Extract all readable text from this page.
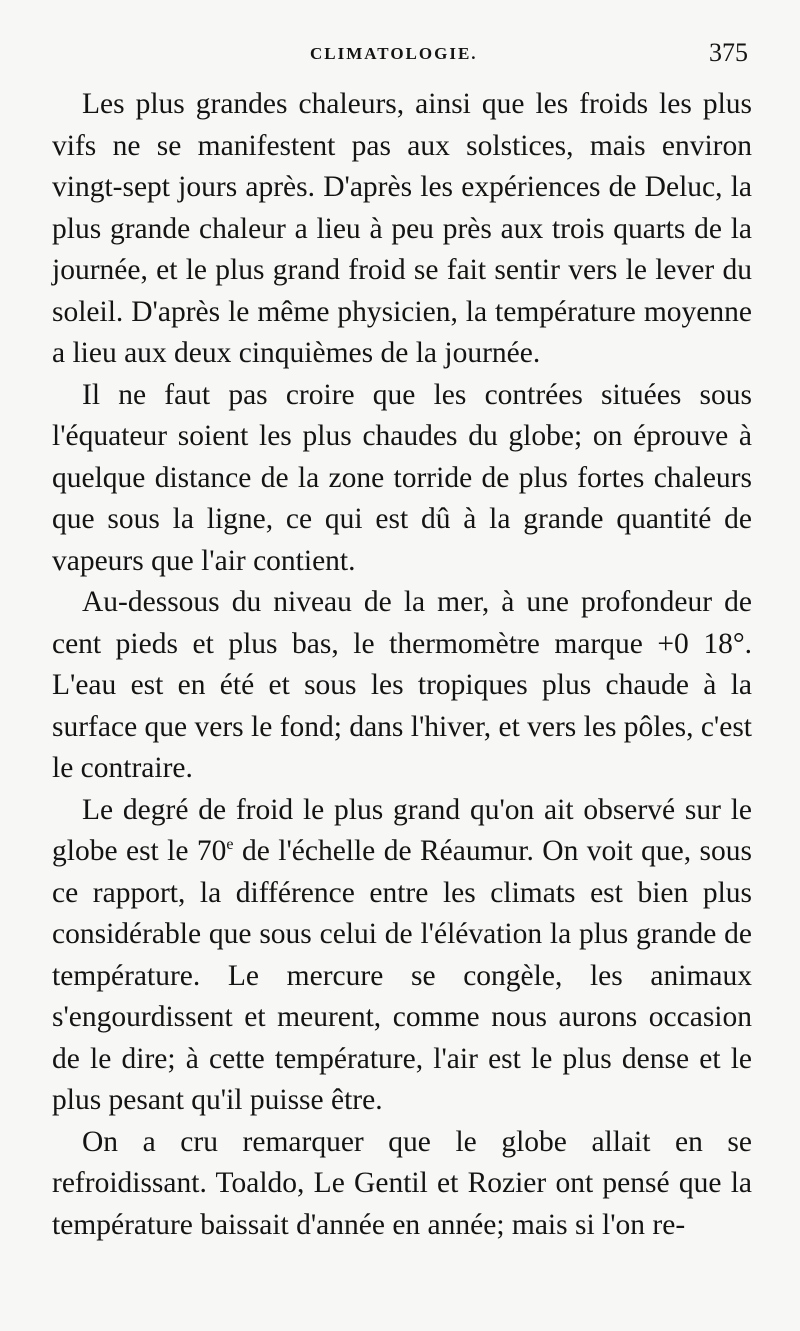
CLIMATOLOGIE.	375

Les plus grandes chaleurs, ainsi que les froids les plus vifs ne se manifestent pas aux solstices, mais environ vingt-sept jours après. D'après les expériences de Deluc, la plus grande chaleur a lieu à peu près aux trois quarts de la journée, et le plus grand froid se fait sentir vers le lever du soleil. D'après le même physicien, la température moyenne a lieu aux deux cinquièmes de la journée.

Il ne faut pas croire que les contrées situées sous l'équateur soient les plus chaudes du globe; on éprouve à quelque distance de la zone torride de plus fortes chaleurs que sous la ligne, ce qui est dû à la grande quantité de vapeurs que l'air contient.

Au-dessous du niveau de la mer, à une profondeur de cent pieds et plus bas, le thermomètre marque +0 18°. L'eau est en été et sous les tropiques plus chaude à la surface que vers le fond; dans l'hiver, et vers les pôles, c'est le contraire.

Le degré de froid le plus grand qu'on ait observé sur le globe est le 70e de l'échelle de Réaumur. On voit que, sous ce rapport, la différence entre les climats est bien plus considérable que sous celui de l'élévation la plus grande de température. Le mercure se congèle, les animaux s'engourdissent et meurent, comme nous aurons occasion de le dire; à cette température, l'air est le plus dense et le plus pesant qu'il puisse être.

On a cru remarquer que le globe allait en se refroidissant. Toaldo, Le Gentil et Rozier ont pensé que la température baissait d'année en année; mais si l'on re-
